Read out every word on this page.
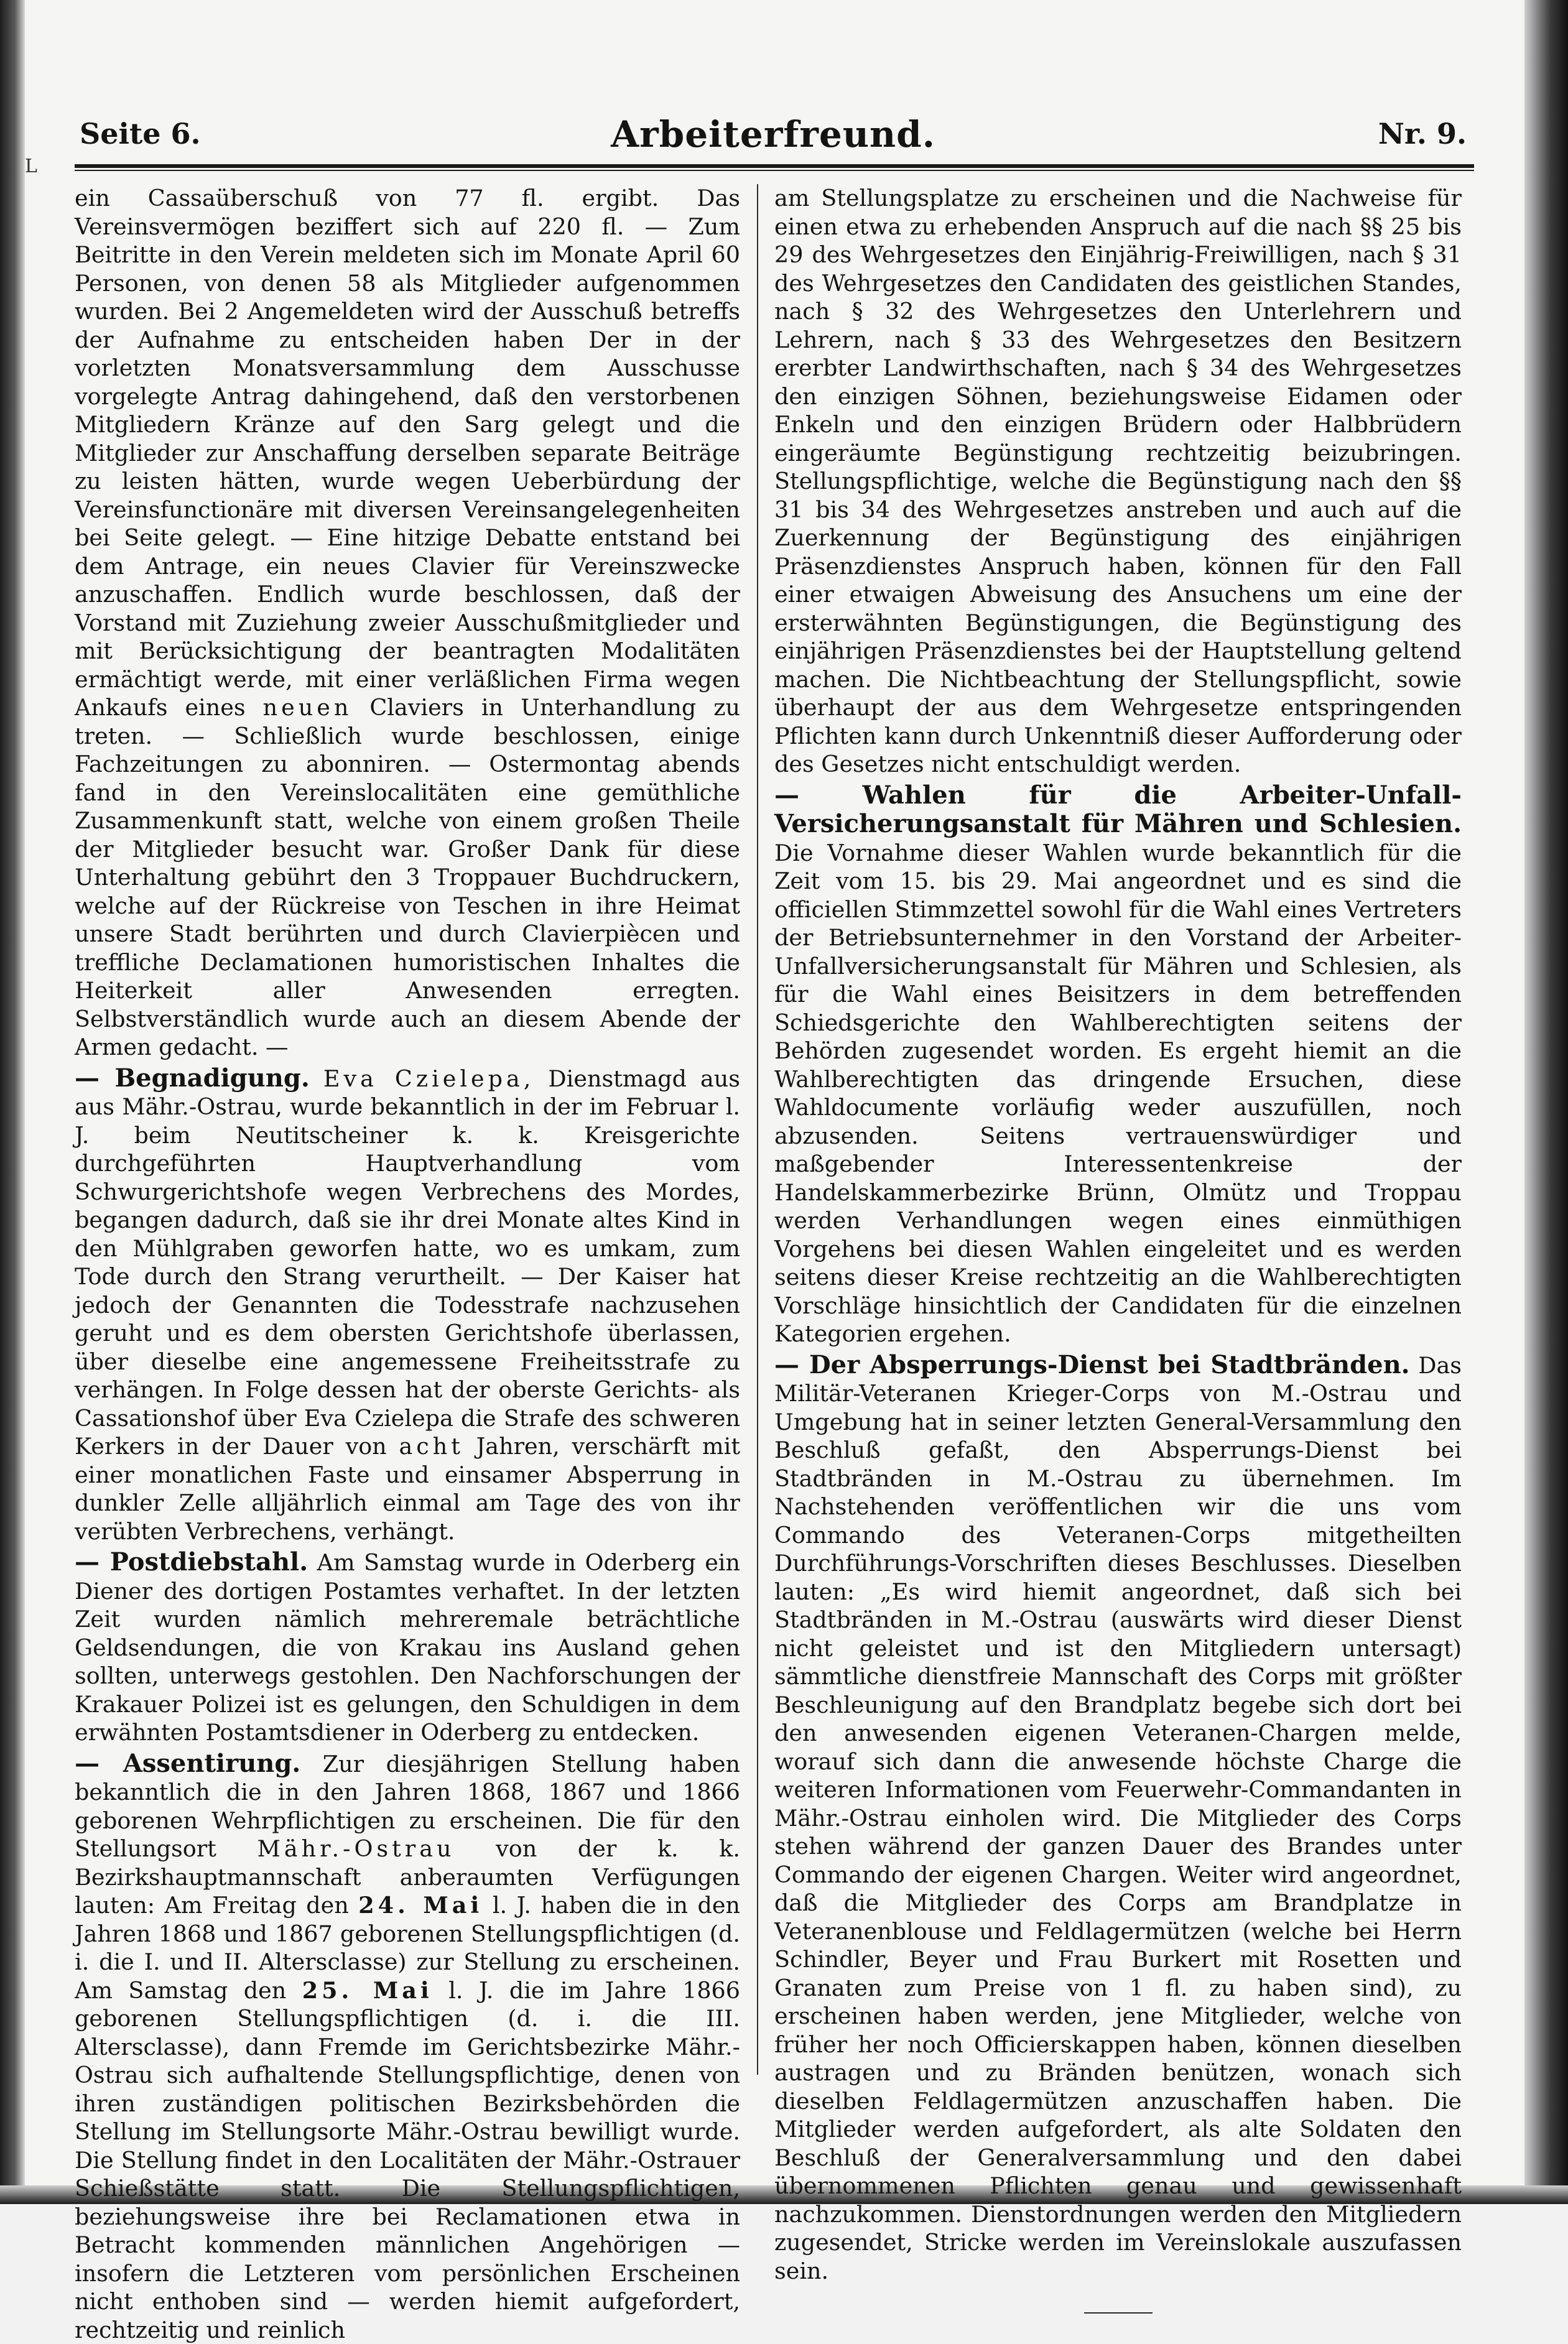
L
Seite 6.	Arbeiterfreund.	Nr. 9.

ein Cassaüberschuß von 77 fl. ergibt. Das Vereinsvermögen beziffert sich auf 220 fl. — Zum Beitritte in den Verein meldeten sich im Monate April 60 Personen, von denen 58 als Mitglieder aufgenommen wurden. Bei 2 Angemeldeten wird der Ausschuß betreffs der Aufnahme zu entscheiden haben Der in der vorletzten Monatsversammlung dem Ausschusse vorgelegte Antrag dahingehend, daß den verstorbenen Mitgliedern Kränze auf den Sarg gelegt und die Mitglieder zur Anschaffung derselben separate Beiträge zu leisten hätten, wurde wegen Ueberbürdung der Vereinsfunctionäre mit diversen Vereinsangelegenheiten bei Seite gelegt. — Eine hitzige Debatte entstand bei dem Antrage, ein neues Clavier für Vereinszwecke anzuschaffen. Endlich wurde beschlossen, daß der Vorstand mit Zuziehung zweier Ausschußmitglieder und mit Berücksichtigung der beantragten Modalitäten ermächtigt werde, mit einer verläßlichen Firma wegen Ankaufs eines neuen Claviers in Unterhandlung zu treten. — Schließlich wurde beschlossen, einige Fachzeitungen zu abonniren. — Ostermontag abends fand in den Vereinslocalitäten eine gemüthliche Zusammenkunft statt, welche von einem großen Theile der Mitglieder besucht war. Großer Dank für diese Unterhaltung gebührt den 3 Troppauer Buchdruckern, welche auf der Rückreise von Teschen in ihre Heimat unsere Stadt berührten und durch Clavierpiècen und treffliche Declamationen humoristischen Inhaltes die Heiterkeit aller Anwesenden erregten. Selbstverständlich wurde auch an diesem Abende der Armen gedacht. —

— Begnadigung. Eva Czielepa, Dienstmagd aus aus Mähr.-Ostrau, wurde bekanntlich in der im Februar l. J. beim Neutitscheiner k. k. Kreisgerichte durchgeführten Hauptverhandlung vom Schwurgerichtshofe wegen Verbrechens des Mordes, begangen dadurch, daß sie ihr drei Monate altes Kind in den Mühlgraben geworfen hatte, wo es umkam, zum Tode durch den Strang verurtheilt. — Der Kaiser hat jedoch der Genannten die Todesstrafe nachzusehen geruht und es dem obersten Gerichtshofe überlassen, über dieselbe eine angemessene Freiheitsstrafe zu verhängen. In Folge dessen hat der oberste Gerichts- als Cassationshof über Eva Czielepa die Strafe des schweren Kerkers in der Dauer von acht Jahren, verschärft mit einer monatlichen Faste und einsamer Absperrung in dunkler Zelle alljährlich einmal am Tage des von ihr verübten Verbrechens, verhängt.

— Postdiebstahl. Am Samstag wurde in Oderberg ein Diener des dortigen Postamtes verhaftet. In der letzten Zeit wurden nämlich mehreremale beträchtliche Geldsendungen, die von Krakau ins Ausland gehen sollten, unterwegs gestohlen. Den Nachforschungen der Krakauer Polizei ist es gelungen, den Schuldigen in dem erwähnten Postamtsdiener in Oderberg zu entdecken.

— Assentirung. Zur diesjährigen Stellung haben bekanntlich die in den Jahren 1868, 1867 und 1866 geborenen Wehrpflichtigen zu erscheinen. Die für den Stellungsort Mähr.-Ostrau von der k. k. Bezirkshauptmannschaft anberaumten Verfügungen lauten: Am Freitag den 24. Mai l. J. haben die in den Jahren 1868 und 1867 geborenen Stellungspflichtigen (d. i. die I. und II. Altersclasse) zur Stellung zu erscheinen. Am Samstag den 25. Mai l. J. die im Jahre 1866 geborenen Stellungspflichtigen (d. i. die III. Altersclasse), dann Fremde im Gerichtsbezirke Mähr.-Ostrau sich aufhaltende Stellungspflichtige, denen von ihren zuständigen politischen Bezirksbehörden die Stellung im Stellungsorte Mähr.-Ostrau bewilligt wurde. Die Stellung findet in den Localitäten der Mähr.-Ostrauer Schießstätte statt. Die Stellungspflichtigen, beziehungsweise ihre bei Reclamationen etwa in Betracht kommenden männlichen Angehörigen — insofern die Letzteren vom persönlichen Erscheinen nicht enthoben sind — werden hiemit aufgefordert, rechtzeitig und reinlich

am Stellungsplatze zu erscheinen und die Nachweise für einen etwa zu erhebenden Anspruch auf die nach §§ 25 bis 29 des Wehrgesetzes den Einjährig-Freiwilligen, nach § 31 des Wehrgesetzes den Candidaten des geistlichen Standes, nach § 32 des Wehrgesetzes den Unterlehrern und Lehrern, nach § 33 des Wehrgesetzes den Besitzern ererbter Landwirthschaften, nach § 34 des Wehrgesetzes den einzigen Söhnen, beziehungsweise Eidamen oder Enkeln und den einzigen Brüdern oder Halbbrüdern eingeräumte Begünstigung rechtzeitig beizubringen. Stellungspflichtige, welche die Begünstigung nach den §§ 31 bis 34 des Wehrgesetzes anstreben und auch auf die Zuerkennung der Begünstigung des einjährigen Präsenzdienstes Anspruch haben, können für den Fall einer etwaigen Abweisung des Ansuchens um eine der ersterwähnten Begünstigungen, die Begünstigung des einjährigen Präsenzdienstes bei der Hauptstellung geltend machen. Die Nichtbeachtung der Stellungspflicht, sowie überhaupt der aus dem Wehrgesetze entspringenden Pflichten kann durch Unkenntniß dieser Aufforderung oder des Gesetzes nicht entschuldigt werden.

— Wahlen für die Arbeiter-Unfall-Versicherungsanstalt für Mähren und Schlesien. Die Vornahme dieser Wahlen wurde bekanntlich für die Zeit vom 15. bis 29. Mai angeordnet und es sind die officiellen Stimmzettel sowohl für die Wahl eines Vertreters der Betriebsunternehmer in den Vorstand der Arbeiter-Unfallversicherungsanstalt für Mähren und Schlesien, als für die Wahl eines Beisitzers in dem betreffenden Schiedsgerichte den Wahlberechtigten seitens der Behörden zugesendet worden. Es ergeht hiemit an die Wahlberechtigten das dringende Ersuchen, diese Wahldocumente vorläufig weder auszufüllen, noch abzusenden. Seitens vertrauenswürdiger und maßgebender Interessentenkreise der Handelskammerbezirke Brünn, Olmütz und Troppau werden Verhandlungen wegen eines einmüthigen Vorgehens bei diesen Wahlen eingeleitet und es werden seitens dieser Kreise rechtzeitig an die Wahlberechtigten Vorschläge hinsichtlich der Candidaten für die einzelnen Kategorien ergehen.

— Der Absperrungs-Dienst bei Stadtbränden. Das Militär-Veteranen Krieger-Corps von M.-Ostrau und Umgebung hat in seiner letzten General-Versammlung den Beschluß gefaßt, den Absperrungs-Dienst bei Stadtbränden in M.-Ostrau zu übernehmen. Im Nachstehenden veröffentlichen wir die uns vom Commando des Veteranen-Corps mitgetheilten Durchführungs-Vorschriften dieses Beschlusses. Dieselben lauten: „Es wird hiemit angeordnet, daß sich bei Stadtbränden in M.-Ostrau (auswärts wird dieser Dienst nicht geleistet und ist den Mitgliedern untersagt) sämmtliche dienstfreie Mannschaft des Corps mit größter Beschleunigung auf den Brandplatz begebe sich dort bei den anwesenden eigenen Veteranen-Chargen melde, worauf sich dann die anwesende höchste Charge die weiteren Informationen vom Feuerwehr-Commandanten in Mähr.-Ostrau einholen wird. Die Mitglieder des Corps stehen während der ganzen Dauer des Brandes unter Commando der eigenen Chargen. Weiter wird angeordnet, daß die Mitglieder des Corps am Brandplatze in Veteranenblouse und Feldlagermützen (welche bei Herrn Schindler, Beyer und Frau Burkert mit Rosetten und Granaten zum Preise von 1 fl. zu haben sind), zu erscheinen haben werden, jene Mitglieder, welche von früher her noch Officierskappen haben, können dieselben austragen und zu Bränden benützen, wonach sich dieselben Feldlagermützen anzuschaffen haben. Die Mitglieder werden aufgefordert, als alte Soldaten den Beschluß der Generalversammlung und den dabei übernommenen Pflichten genau und gewissenhaft nachzukommen. Dienstordnungen werden den Mitgliedern zugesendet, Stricke werden im Vereinslokale auszufassen sein.
